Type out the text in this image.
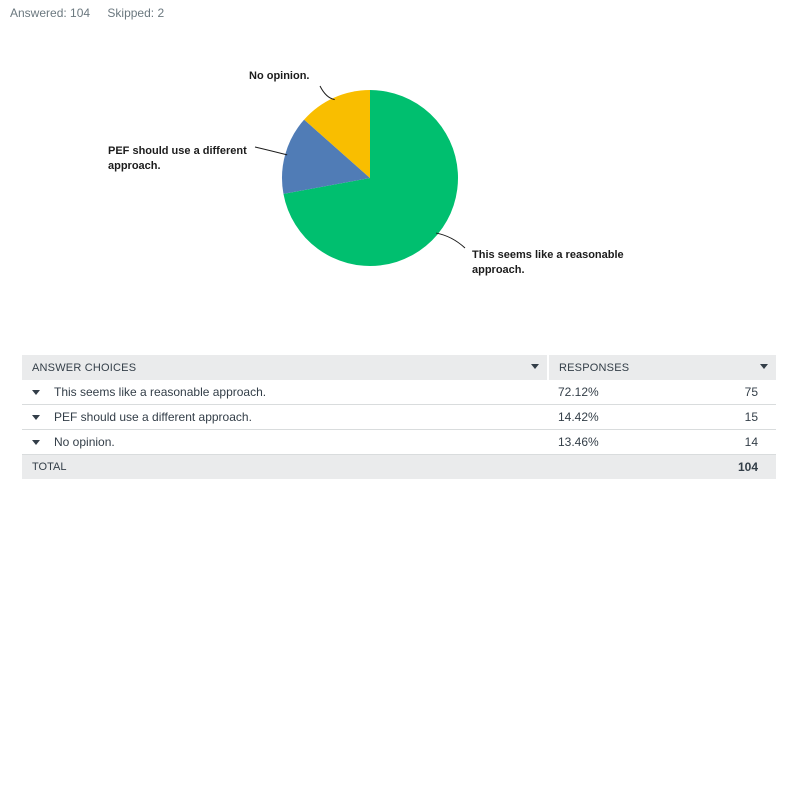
Answered: 104 Skipped: 2
This seems like a reasonable approach.
PEF should use a different approach.
No opinion.
ANSWER CHOICES	RESPONSES	

This seems like a reasonable approach.	72.12%	75

PEF should use a different approach.	14.42%	15

No opinion.	13.46%	14
TOTAL		104
